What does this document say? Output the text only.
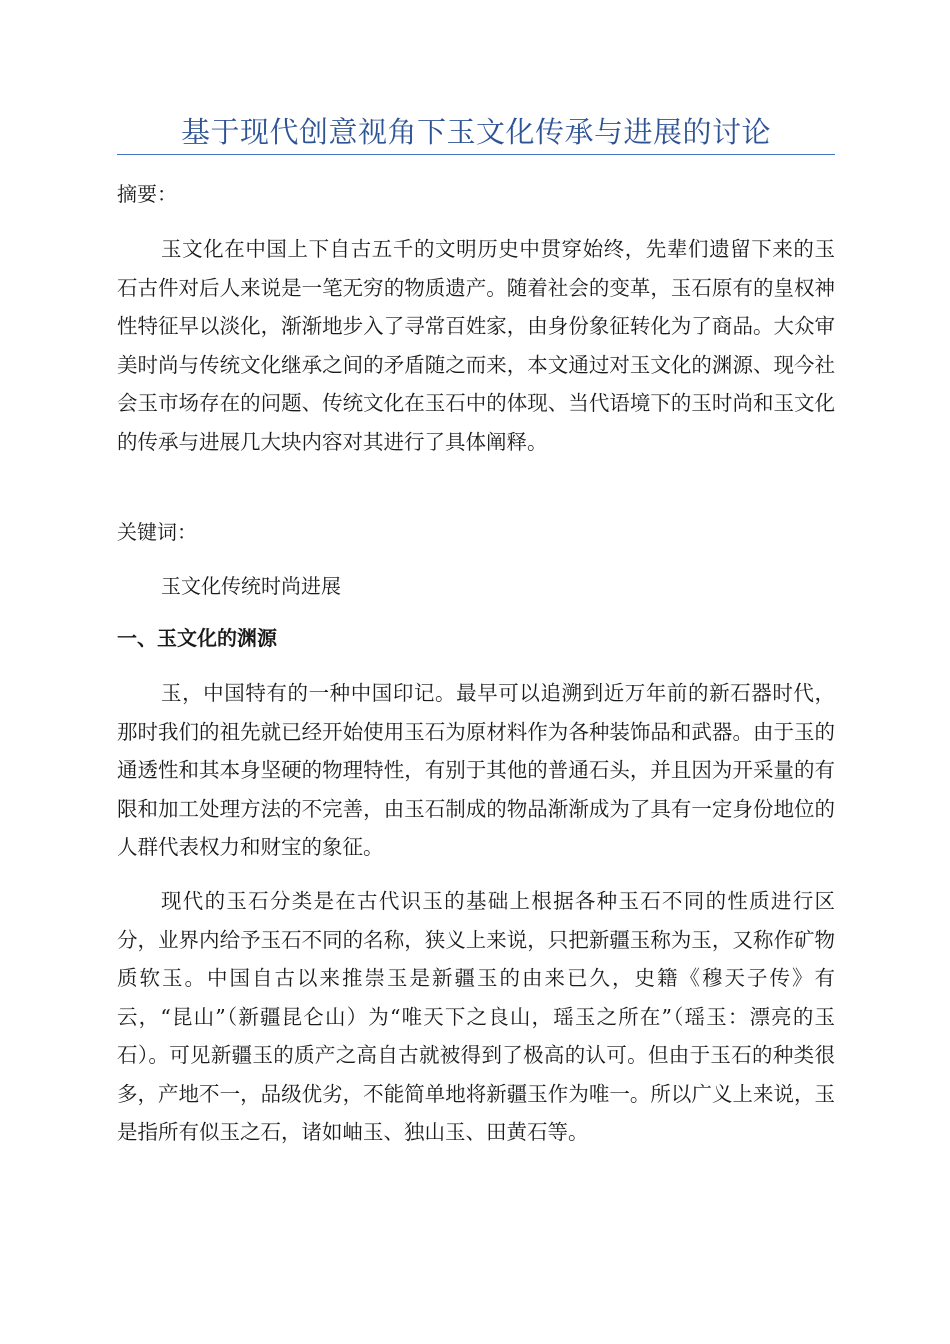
基于现代创意视角下玉文化传承与进展的讨论
摘要：

玉文化在中国上下自古五千的文明历史中贯穿始终，先辈们遗留下来的玉石古件对后人来说是一笔无穷的物质遗产。随着社会的变革，玉石原有的皇权神性特征早以淡化，渐渐地步入了寻常百姓家，由身份象征转化为了商品。大众审美时尚与传统文化继承之间的矛盾随之而来，本文通过对玉文化的渊源、现今社会玉市场存在的问题、传统文化在玉石中的体现、当代语境下的玉时尚和玉文化的传承与进展几大块内容对其进行了具体阐释。

关键词：
玉文化传统时尚进展
一、玉文化的渊源

玉，中国特有的一种中国印记。最早可以追溯到近万年前的新石器时代，那时我们的祖先就已经开始使用玉石为原材料作为各种装饰品和武器。由于玉的通透性和其本身坚硬的物理特性，有别于其他的普通石头，并且因为开采量的有限和加工处理方法的不完善，由玉石制成的物品渐渐成为了具有一定身份地位的人群代表权力和财宝的象征。

现代的玉石分类是在古代识玉的基础上根据各种玉石不同的性质进行区分，业界内给予玉石不同的名称，狭义上来说，只把新疆玉称为玉，又称作矿物质软玉。中国自古以来推崇玉是新疆玉的由来已久，史籍《穆天子传》有云，“昆山”（新疆昆仑山）为“唯天下之良山，瑶玉之所在”（瑶玉：漂亮的玉石）。可见新疆玉的质产之高自古就被得到了极高的认可。但由于玉石的种类很多，产地不一，品级优劣，不能简单地将新疆玉作为唯一。所以广义上来说，玉是指所有似玉之石，诸如岫玉、独山玉、田黄石等。
